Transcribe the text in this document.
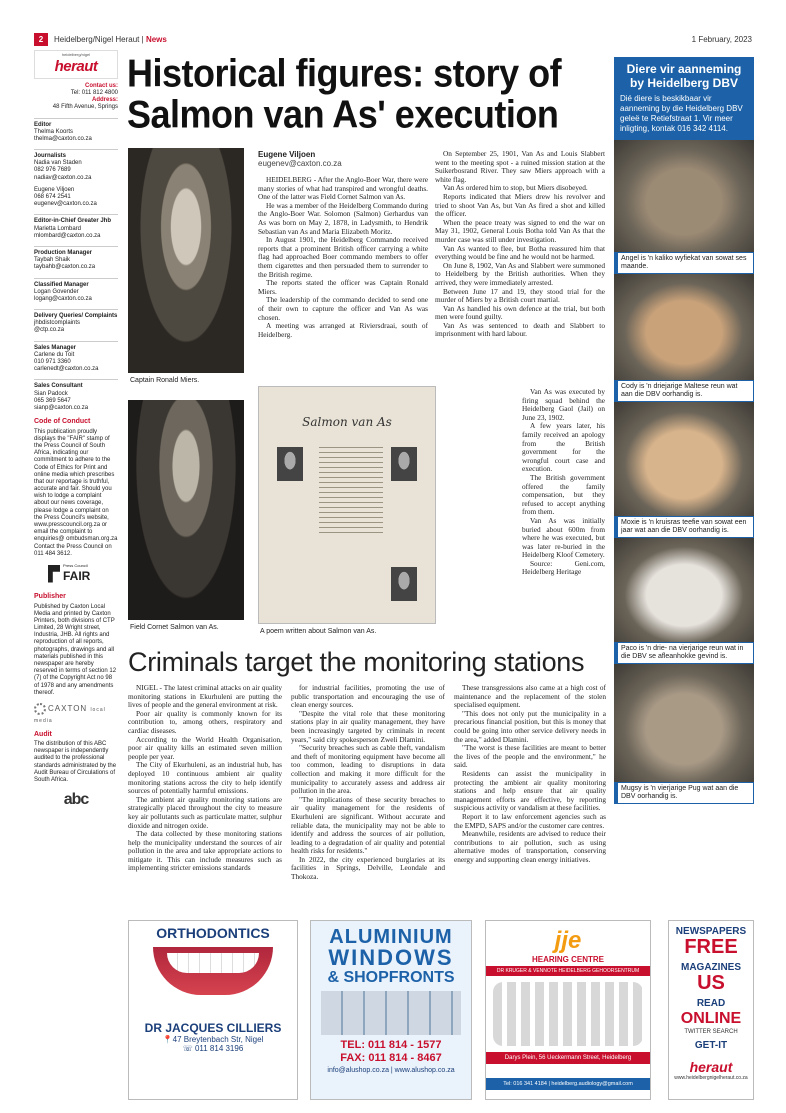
2	Heidelberg/Nigel Heraut | News	1 February, 2023
heidelberg/nigel
heraut
Contact us:
Tel: 011 812 4800
Address:
48 Fifth Avenue, Springs
Editor
Thelma Koorts
thelma@caxton.co.za
Journalists
Nadia van Staden
082 976 7689
nadiav@caxton.co.za
Eugene Viljoen
068 674 2541
eugenev@caxton.co.za
Editor-in-Chief Greater Jhb
Marietta Lombard
mlombard@caxton.co.za
Production Manager
Taybah Shaik
taybahb@caxton.co.za
Classified Manager
Logan Govender
logang@caxton.co.za
Delivery Queries/ Complaints
jhbdistcomplaints
@ctp.co.za
Sales Manager
Carlene du Toit
010 971 3360
carlenedt@caxton.co.za
Sales Consultant
Sian Padock
065 369 5647
sianp@caxton.co.za
Code of Conduct
This publication proudly displays the "FAIR" stamp of the Press Council of South Africa, indicating our commitment to adhere to the Code of Ethics for Print and online media which prescribes that our reportage is truthful, accurate and fair. Should you wish to lodge a complaint about our news coverage, please lodge a complaint on the Press Council's website, www.presscouncil.org.za or email the complaint to enquiries@ ombudsman.org.za Contact the Press Council on 011 484 3612.
Press Council
FAIR
Publisher
Published by Caxton Local Media and printed by Caxton Printers, both divisions of CTP Limited, 28 Wright street, Industria, JHB. All rights and reproduction of all reports, photographs, drawings and all materials published in this newspaper are hereby reserved in terms of section 12 (7) of the Copyright Act no 98 of 1978 and any amendments thereof.
CAXTON local media
Audit
The distribution of this ABC newspaper is independently audited to the professional standards administrated by the Audit Bureau of Circulations of South Africa.
abc
Historical figures: story of Salmon van As' execution
Captain Ronald Miers.
Field Cornet Salmon van As.
Salmon van As
A poem written about Salmon van As.
Eugene Viljoen
eugenev@caxton.co.za

HEIDELBERG - After the Anglo-Boer War, there were many stories of what had transpired and wrongful deaths. One of the latter was Field Cornet Salmon van As.

He was a member of the Heidelberg Commando during the Anglo-Boer War. Solomon (Salmon) Gerhardus van As was born on May 2, 1878, in Ladysmith, to Hendrik Sebastian van As and Maria Elizabeth Moritz.

In August 1901, the Heidelberg Commando received reports that a prominent British officer carrying a white flag had approached Boer commando members to offer them cigarettes and then persuaded them to surrender to the British regime.

The reports stated the officer was Captain Ronald Miers.

The leadership of the commando decided to send one of their own to capture the officer and Van As was chosen.

A meeting was arranged at Riviersdraai, south of Heidelberg.

On September 25, 1901, Van As and Louis Slabbert went to the meeting spot - a ruined mission station at the Suikerbosrand River. They saw Miers approach with a white flag.

Van As ordered him to stop, but Miers disobeyed.

Reports indicated that Miers drew his revolver and tried to shoot Van As, but Van As fired a shot and killed the officer.

When the peace treaty was signed to end the war on May 31, 1902, General Louis Botha told Van As that the murder case was still under investigation.

Van As wanted to flee, but Botha reassured him that everything would be fine and he would not be harmed.

On June 8, 1902, Van As and Slabbert were summoned to Heidelberg by the British authorities. When they arrived, they were immediately arrested.

Between June 17 and 19, they stood trial for the murder of Miers by a British court martial.

Van As handled his own defence at the trial, but both men were found guilty.

Van As was sentenced to death and Slabbert to imprisonment with hard labour.

Van As was executed by firing squad behind the Heidelberg Gaol (Jail) on June 23, 1902.

A few years later, his family received an apology from the British government for the wrongful court case and execution.

The British government offered the family compensation, but they refused to accept anything from them.

Van As was initially buried about 600m from where he was executed, but was later re-buried in the Heidelberg Kloof Cemetery.

Source: Geni.com, Heidelberg Heritage

Criminals target the monitoring stations

NIGEL - The latest criminal attacks on air quality monitoring stations in Ekurhuleni are putting the lives of people and the general environment at risk.

Poor air quality is commonly known for its contribution to, among others, respiratory and cardiac diseases.

According to the World Health Organisation, poor air quality kills an estimated seven million people per year.

The City of Ekurhuleni, as an industrial hub, has deployed 10 continuous ambient air quality monitoring stations across the city to help identify sources of potentially harmful emissions.

The ambient air quality monitoring stations are strategically placed throughout the city to measure key air pollutants such as particulate matter, sulphur dioxide and nitrogen oxide.

The data collected by these monitoring stations help the municipality understand the sources of air pollution in the area and take appropriate actions to mitigate it. This can include measures such as implementing stricter emissions standards

for industrial facilities, promoting the use of public transportation and encouraging the use of clean energy sources.

"Despite the vital role that these monitoring stations play in air quality management, they have been increasingly targeted by criminals in recent years," said city spokesperson Zweli Dlamini.

"Security breaches such as cable theft, vandalism and theft of monitoring equipment have become all too common, leading to disruptions in data collection and making it more difficult for the municipality to accurately assess and address air pollution in the area.

"The implications of these security breaches to air quality management for the residents of Ekurhuleni are significant. Without accurate and reliable data, the municipality may not be able to identify and address the sources of air pollution, leading to a degradation of air quality and potential health risks for residents."

In 2022, the city experienced burglaries at its facilities in Springs, Delville, Leondale and Thokoza.

These transgressions also came at a high cost of maintenance and the replacement of the stolen specialised equipment.

"This does not only put the municipality in a precarious financial position, but this is money that could be going into other service delivery needs in the area," added Dlamini.

"The worst is these facilities are meant to better the lives of the people and the environment," he said.

Residents can assist the municipality in protecting the ambient air quality monitoring stations and help ensure that air quality management efforts are effective, by reporting suspicious activity or vandalism at these facilities.

Report it to law enforcement agencies such as the EMPD, SAPS and/or the customer care centres.

Meanwhile, residents are advised to reduce their contributions to air pollution, such as using alternative modes of transportation, conserving energy and supporting clean energy initiatives.

Diere vir aanneming by Heidelberg DBV
Dié diere is beskikbaar vir aanneming by die Heidelberg DBV geleë te Retiefstraat 1. Vir meer inligting, kontak 016 342 4114.
Angel is 'n kaliko wyfiekat van sowat ses maande.
Cody is 'n driejarige Maltese reun wat aan die DBV oorhandig is.
Moxie is 'n kruisras teefie van sowat een jaar wat aan die DBV oorhandig is.
Paco is 'n drie- na vierjarige reun wat in die DBV se afleanhokke gevind is.
Mugsy is 'n vierjarige Pug wat aan die DBV oorhandig is.
ORTHODONTICS
DR JACQUES CILLIERS
📍47 Breytenbach Str, Nigel
☏ 011 814 3196
ALUMINIUM
WINDOWS
& SHOPFRONTS
TEL: 011 814 - 1577
FAX: 011 814 - 8467
info@alushop.co.za | www.alushop.co.za
jje
HEARING CENTRE
DR KRUGER & VENNOTE HEIDELBERG GEHOORSENTRUM
Darys Plein, 56 Ueckermann Street, Heidelberg
Tel: 016 341 4184 | heidelberg.audiology@gmail.com
NEWSPAPERS
FREE
MAGAZINES
US
READ
ONLINE
TWITTER SEARCH
GET-IT
heraut
www.heidelbergnigelheraut.co.za
